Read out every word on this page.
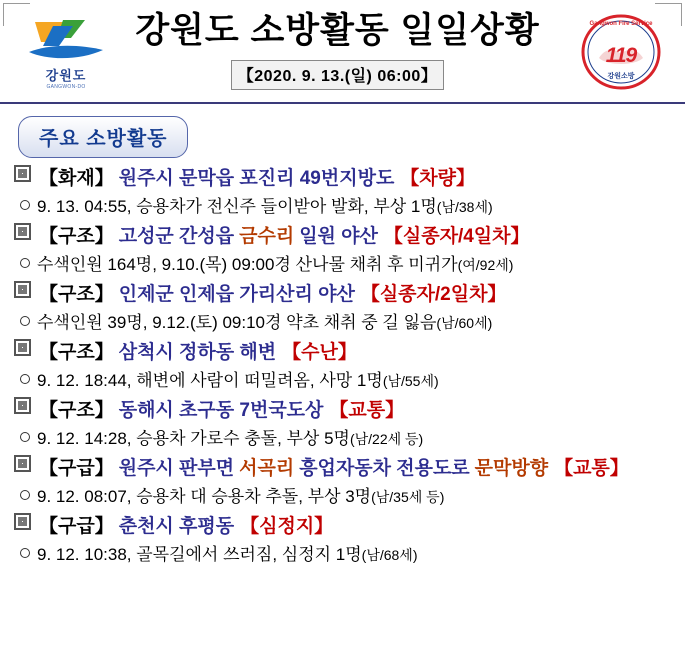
강원도
GANGWON-DO
강원도 소방활동 일일상황
【2020. 9. 13.(일) 06:00】
Gangwon Fire Service
119
강원소방
주요 소방활동
【화재】 원주시 문막읍 포진리 49번지방도 【차량】
9. 13. 04:55, 승용차가 전신주 들이받아 발화, 부상 1명(남/38세)
【구조】 고성군 간성읍 금수리 일원 야산 【실종자/4일차】
수색인원 164명, 9.10.(목) 09:00경 산나물 채취 후 미귀가(여/92세)
【구조】 인제군 인제읍 가리산리 야산 【실종자/2일차】
수색인원 39명, 9.12.(토) 09:10경 약초 채취 중 길 잃음(남/60세)
【구조】 삼척시 정하동 해변 【수난】
9. 12. 18:44, 해변에 사람이 떠밀려옴, 사망 1명(남/55세)
【구조】 동해시 초구동 7번국도상 【교통】
9. 12. 14:28, 승용차 가로수 충돌, 부상 5명(남/22세 등)
【구급】 원주시 판부면 서곡리 흥업자동차 전용도로 문막방향 【교통】
9. 12. 08:07, 승용차 대 승용차 추돌, 부상 3명(남/35세 등)
【구급】 춘천시 후평동 【심정지】
9. 12. 10:38, 골목길에서 쓰러짐, 심정지 1명(남/68세)
